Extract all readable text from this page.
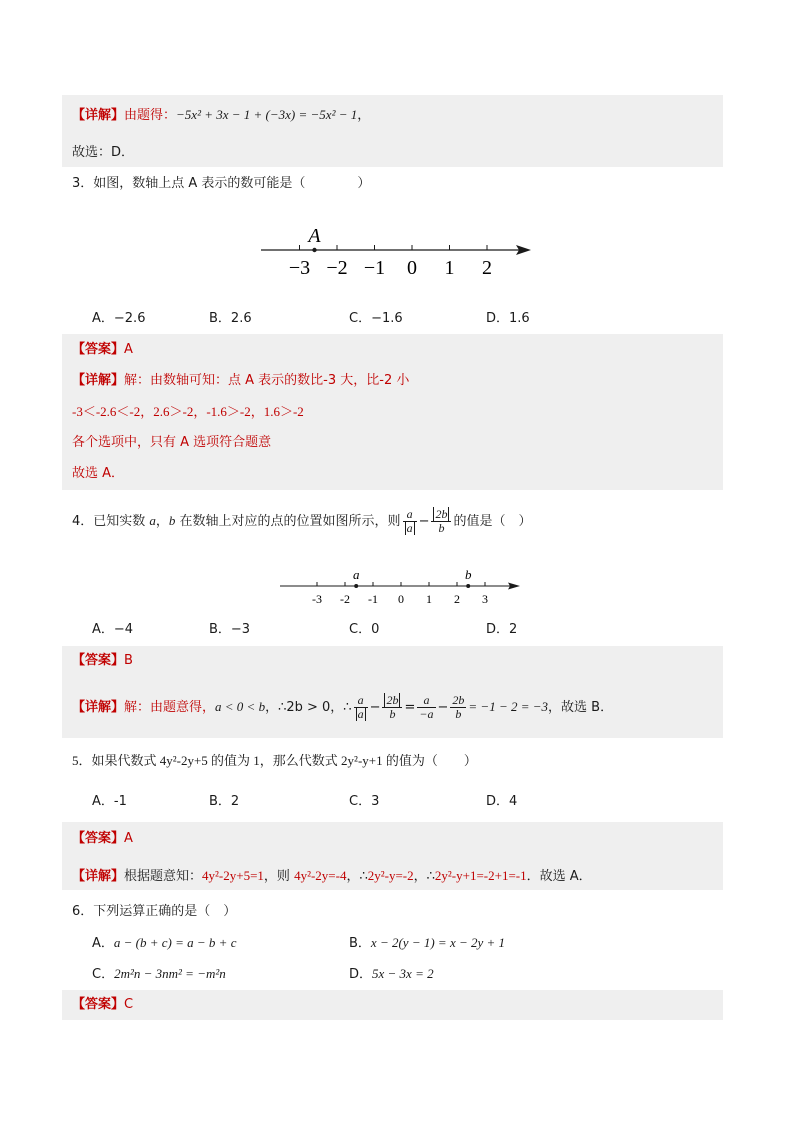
【详解】由题得：−5x² + 3x − 1 + (−3x) = −5x² − 1，
故选：D．
3．如图，数轴上点 A 表示的数可能是（　　　　）
−3 −2 −1 0 1 2
A
A．−2.6	B．2.6	C．−1.6	D．1.6
【答案】A
【详解】解：由数轴可知：点 A 表示的数比-3 大，比-2 小
-3＜-2.6＜-2，2.6＞-2，-1.6＞-2，1.6＞-2
各个选项中，只有 A 选项符合题意
故选 A．
4．已知实数 a，b 在数轴上对应的点的位置如图所示，则 $\frac{a}{a} - \frac{2b}{b}$ 的值是（　）
-3 -2 -1 0 1 2 3
a	b
A．−4	B．−3	C．0	D．2
【答案】B
【详解】解：由题意得，a < 0 < b，∴2b > 0，∴ $\frac{a}{a} - \frac{2b}{b} = \frac{a}{-a} - \frac{2b}{b} = -1 - 2 = -3$，故选 B．
5．如果代数式 4y²-2y+5 的值为 1，那么代数式 2y²-y+1 的值为（　　）
A．-1	B．2	C．3	D．4
【答案】A
【详解】根据题意知：4y²-2y+5=1，则 4y²-2y=-4，∴2y²-y=-2，∴2y²-y+1=-2+1=-1．故选 A．
6．下列运算正确的是（　）
A．a − (b + c) = a − b + c	B．x − 2(y − 1) = x − 2y + 1
C．2m²n − 3nm² = −m²n	D．5x − 3x = 2
【答案】C
